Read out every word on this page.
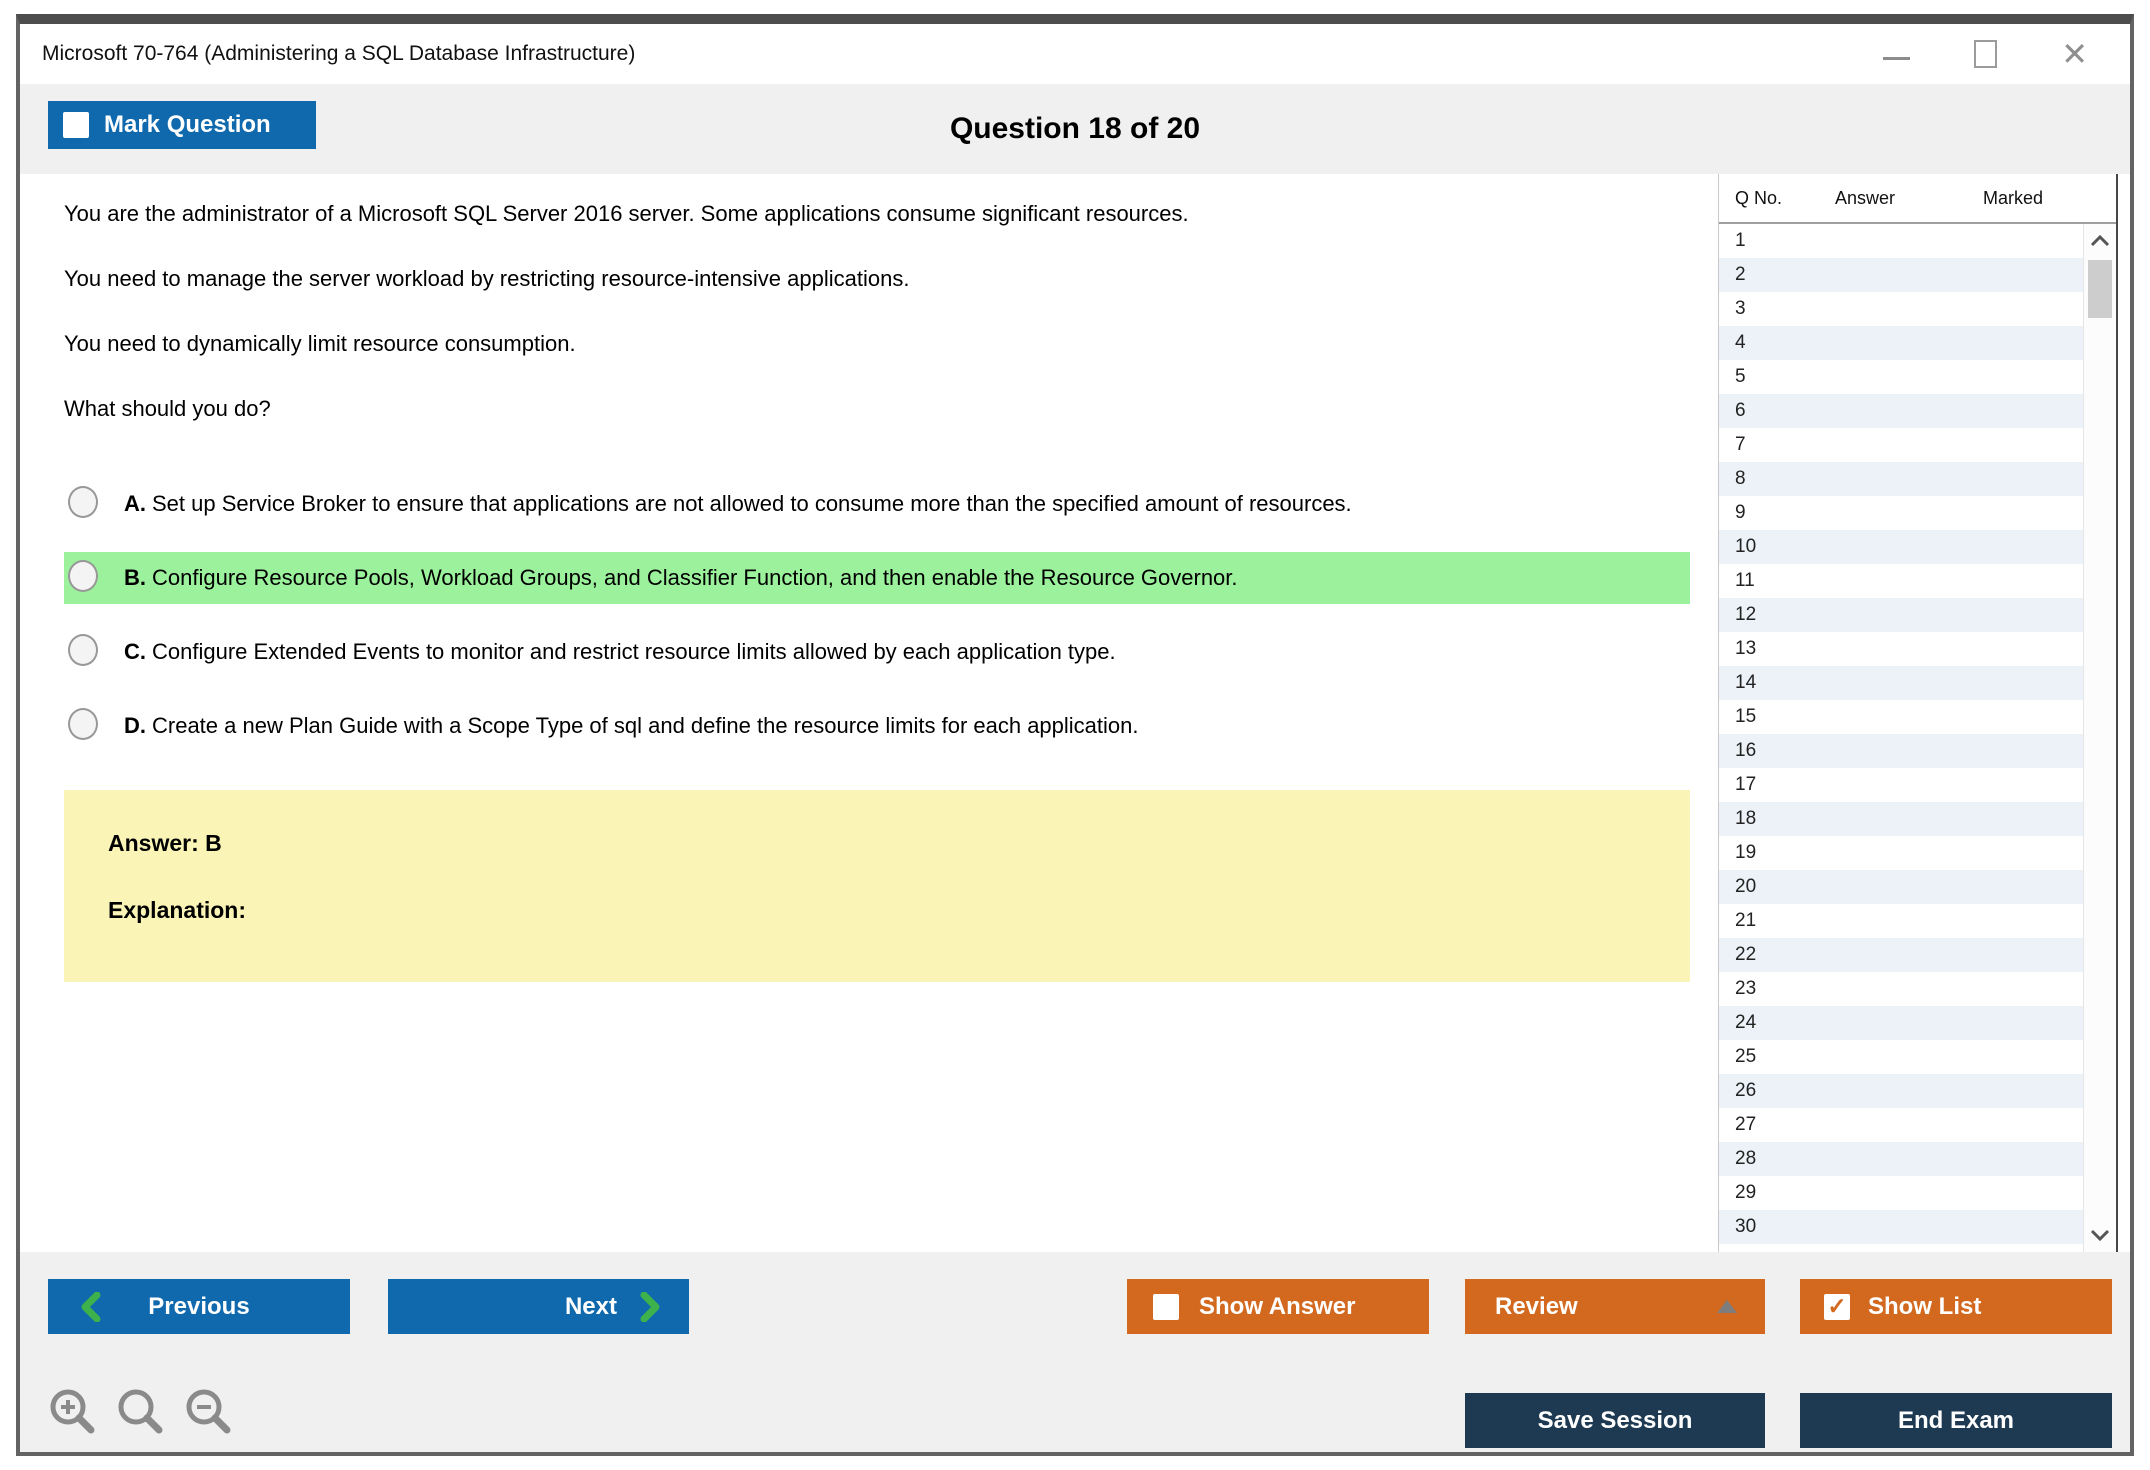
Microsoft 70-764 (Administering a SQL Database Infrastructure)	✕
Mark Question	Question 18 of 20

You are the administrator of a Microsoft SQL Server 2016 server. Some applications consume significant resources.

You need to manage the server workload by restricting resource-intensive applications.

You need to dynamically limit resource consumption.

What should you do?

A. Set up Service Broker to ensure that applications are not allowed to consume more than the specified amount of resources.
B. Configure Resource Pools, Workload Groups, and Classifier Function, and then enable the Resource Governor.
C. Configure Extended Events to monitor and restrict resource limits allowed by each application type.
D. Create a new Plan Guide with a Scope Type of sql and define the resource limits for each application.
Answer: B
Explanation:
Q No.	Answer	Marked
1
2
3
4
5
6
7
8
9
10
11
12
13
14
15
16
17
18
19
20
21
22
23
24
25
26
27
28
29
30
Previous	Next	Show Answer	Review ✓	Show List
Save Session	End Exam
